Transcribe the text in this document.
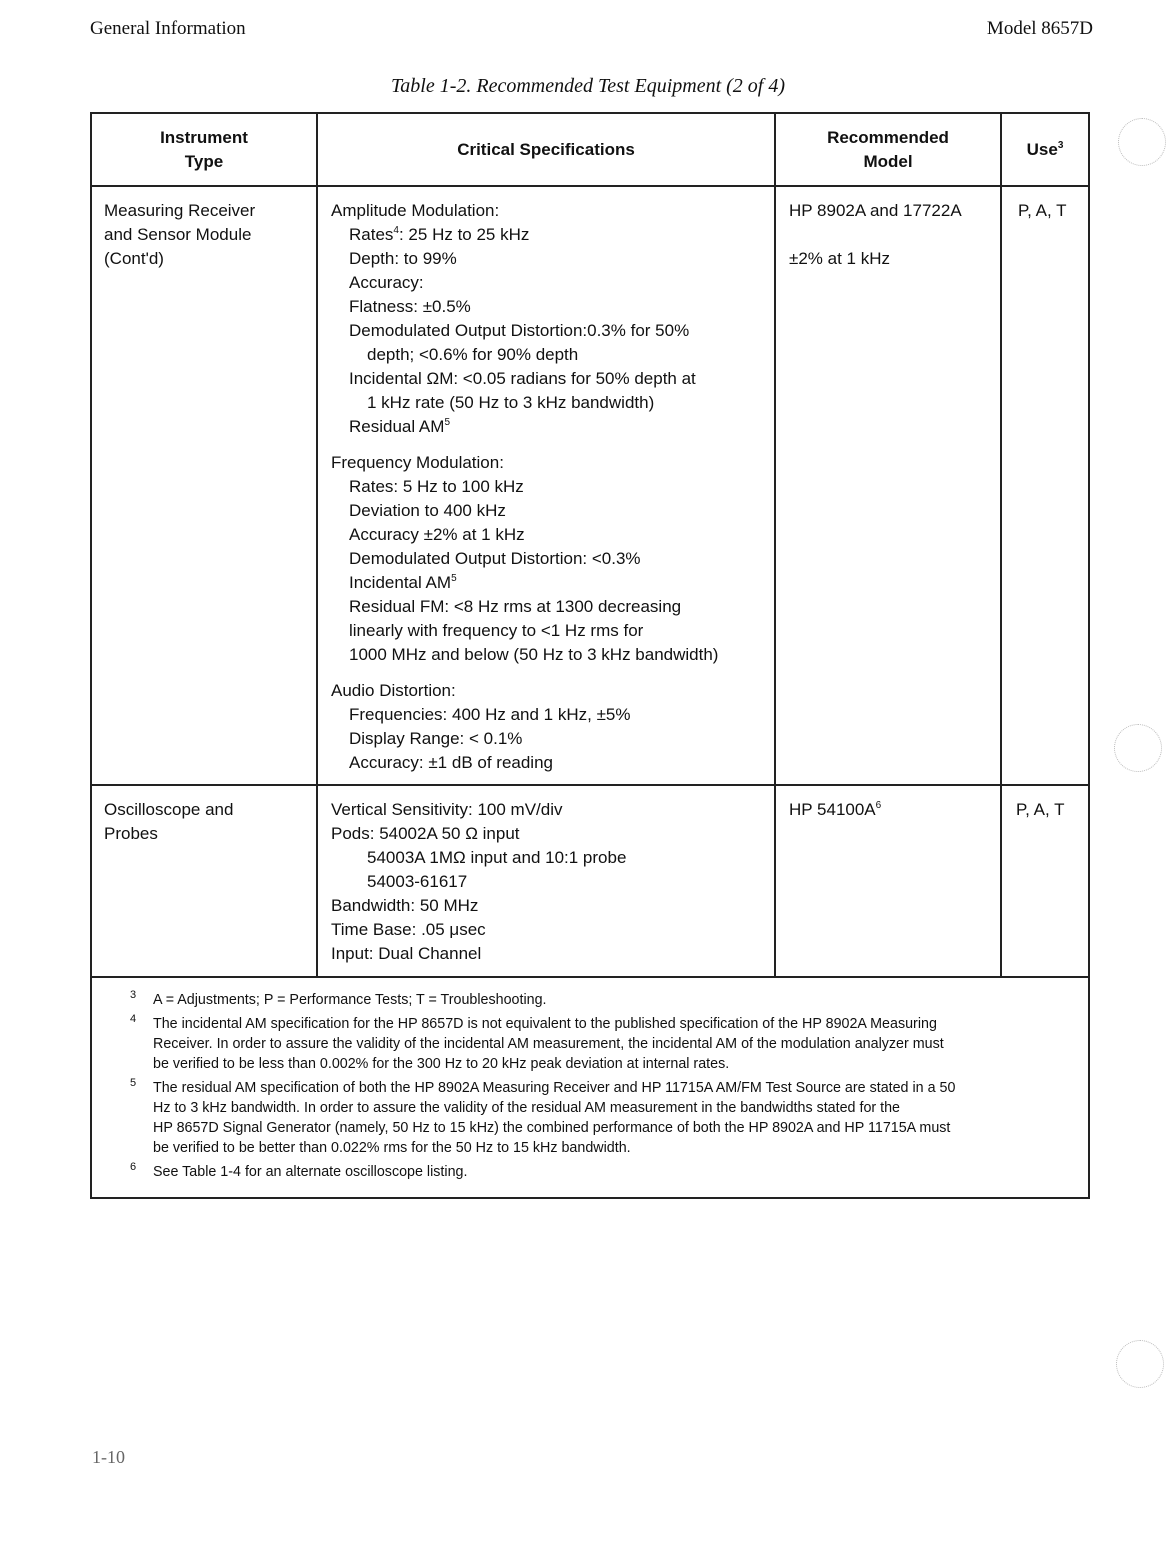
General Information	Model 8657D
Table 1-2. Recommended Test Equipment (2 of 4)
Instrument
Type
Critical Specifications
Recommended
Model
Use$^3$
Measuring Receiver
and Sensor Module
(Cont'd)
Amplitude Modulation:
Rates$^4$: 25 Hz to 25 kHz
Depth: to 99%
Accuracy:
Flatness: ±0.5%
Demodulated Output Distortion:0.3% for 50%
depth; <0.6% for 90% depth
Incidental ΩM: <0.05 radians for 50% depth at
1 kHz rate (50 Hz to 3 kHz bandwidth)
Residual $AM^5$
Frequency Modulation:
Rates: 5 Hz to 100 kHz
Deviation to 400 kHz
Accuracy ±2% at 1 kHz
Demodulated Output Distortion: <0.3%
Incidental $AM^5$
Residual FM: <8 Hz rms at 1300 decreasing
linearly with frequency to <1 Hz rms for
1000 MHz and below (50 Hz to 3 kHz bandwidth)
Audio Distortion:
Frequencies: 400 Hz and 1 kHz, ±5%
Display Range: < 0.1%
Accuracy: ±1 dB of reading
HP 8902A and 17722A
±2% at 1 kHz
P, A, T
Oscilloscope and
Probes
Vertical Sensitivity: 100 mV/div
Pods: 54002A 50 Ω input
54003A 1MΩ input and 10:1 probe
54003-61617
Bandwidth: 50 MHz
Time Base: .05 μsec
Input: Dual Channel
HP $54100A^6$	P, A, T
3 A = Adjustments; P = Performance Tests; T = Troubleshooting.
4 The incidental AM specification for the HP 8657D is not equivalent to the published specification of the HP 8902A Measuring
Receiver. In order to assure the validity of the incidental AM measurement, the incidental AM of the modulation analyzer must
be verified to be less than 0.002% for the 300 Hz to 20 kHz peak deviation at internal rates.
5 The residual AM specification of both the HP 8902A Measuring Receiver and HP 11715A AM/FM Test Source are stated in a 50
Hz to 3 kHz bandwidth. In order to assure the validity of the residual AM measurement in the bandwidths stated for the
HP 8657D Signal Generator (namely, 50 Hz to 15 kHz) the combined performance of both the HP 8902A and HP 11715A must
be verified to be better than 0.022% rms for the 50 Hz to 15 kHz bandwidth.
6 See Table 1-4 for an alternate oscilloscope listing.
1-10
